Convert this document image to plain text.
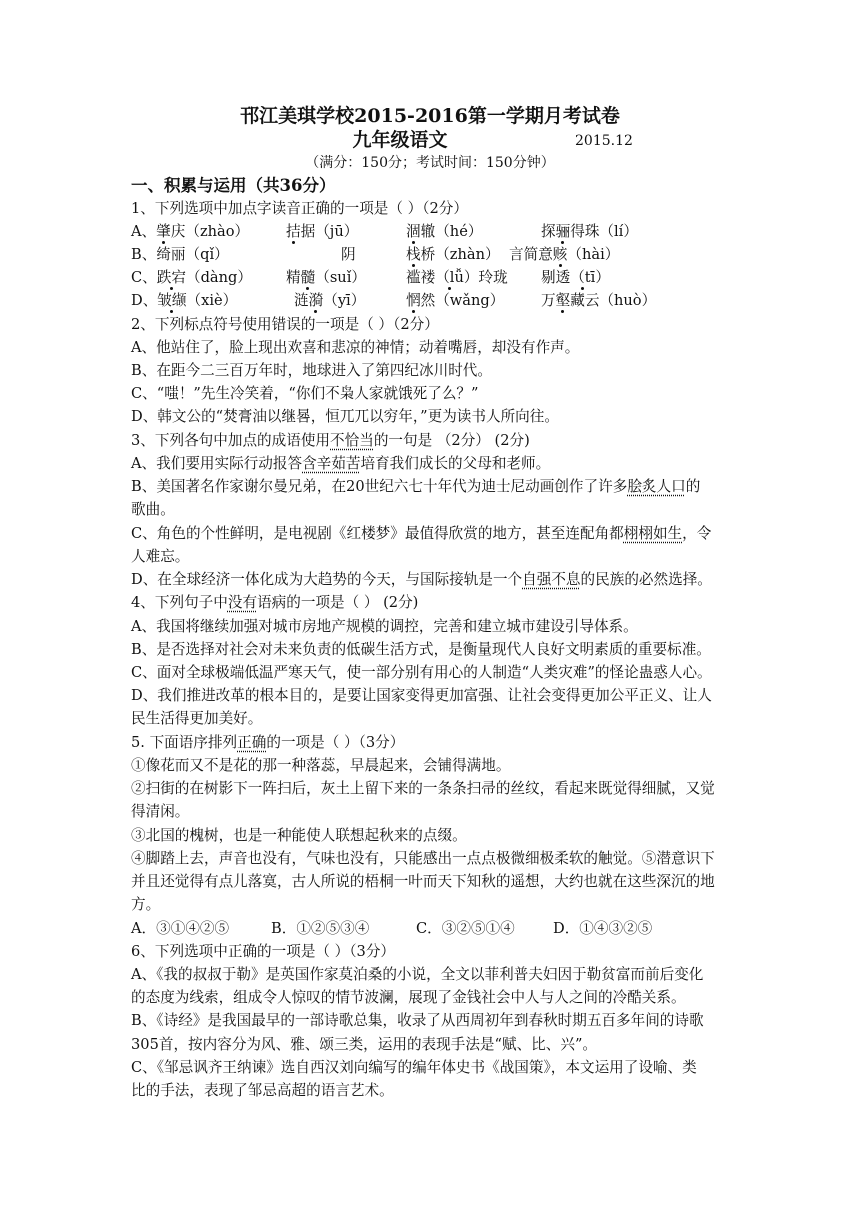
邗江美琪学校2015-2016第一学期月考试卷
九年级语文	2015.12
（满分：150分；考试时间：150分钟）
一、积累与运用（共36分）
1、下列选项中加点字读音正确的一项是（ ）（2分）
A、肇庆（zhào）	拮据（jū）	涸辙（hé）	探骊得珠（lí）
B、绮丽（qǐ）	阴	栈桥（zhàn） 言简意赅（hài）
C、跌宕（dàng） 精髓（suǐ）	褴褛（lǚ）玲珑 剔透（tī）
D、皱缬（xiè）	涟漪（yī）	惘然（wǎng）	万壑藏云（huò）
2、下列标点符号使用错误的一项是（ ）（2分）
A、他站住了，脸上现出欢喜和悲凉的神情；动着嘴唇，却没有作声。
B、在距今二三百万年时，地球进入了第四纪冰川时代。
C、“嗤！”先生冷笑着，“你们不枭人家就饿死了么？”
D、韩文公的“焚膏油以继晷，恒兀兀以穷年，”更为读书人所向往。
3、下列各句中加点的成语使用不恰当的一句是 （2分） (2分)
A、我们要用实际行动报答含辛茹苦培育我们成长的父母和老师。
B、美国著名作家谢尔曼兄弟，在20世纪六七十年代为迪士尼动画创作了许多脍炙人口的
歌曲。
C、角色的个性鲜明，是电视剧《红楼梦》最值得欣赏的地方，甚至连配角都栩栩如生，令
人难忘。
D、在全球经济一体化成为大趋势的今天，与国际接轨是一个自强不息的民族的必然选择。
4、下列句子中没有语病的一项是（ ） (2分)
A、我国将继续加强对城市房地产规模的调控，完善和建立城市建设引导体系。
B、是否选择对社会对未来负责的低碳生活方式，是衡量现代人良好文明素质的重要标准。
C、面对全球极端低温严寒天气，使一部分别有用心的人制造“人类灾难”的怪论蛊惑人心。
D、我们推进改革的根本目的，是要让国家变得更加富强、让社会变得更加公平正义、让人
民生活得更加美好。
5. 下面语序排列正确的一项是（ ）（3分）
①像花而又不是花的那一种落蕊，早晨起来，会铺得满地。
②扫街的在树影下一阵扫后，灰土上留下来的一条条扫帚的丝纹，看起来既觉得细腻，又觉
得清闲。
③北国的槐树，也是一种能使人联想起秋来的点缀。
④脚踏上去，声音也没有，气味也没有，只能感出一点点极微细极柔软的触觉。⑤潜意识下
并且还觉得有点儿落寞，古人所说的梧桐一叶而天下知秋的遥想，大约也就在这些深沉的地
方。
A．③①④②⑤	B．①②⑤③④	C．③②⑤①④	D．①④③②⑤
6、下列选项中正确的一项是（ ）（3分）
A、《我的叔叔于勒》是英国作家莫泊桑的小说，全文以菲利普夫妇因于勒贫富而前后变化
的态度为线索，组成令人惊叹的情节波澜，展现了金钱社会中人与人之间的冷酷关系。
B、《诗经》是我国最早的一部诗歌总集，收录了从西周初年到春秋时期五百多年间的诗歌
305首，按内容分为风、雅、颂三类，运用的表现手法是“赋、比、兴”。
C、《邹忌讽齐王纳谏》选自西汉刘向编写的编年体史书《战国策》，本文运用了设喻、类
比的手法，表现了邹忌高超的语言艺术。
